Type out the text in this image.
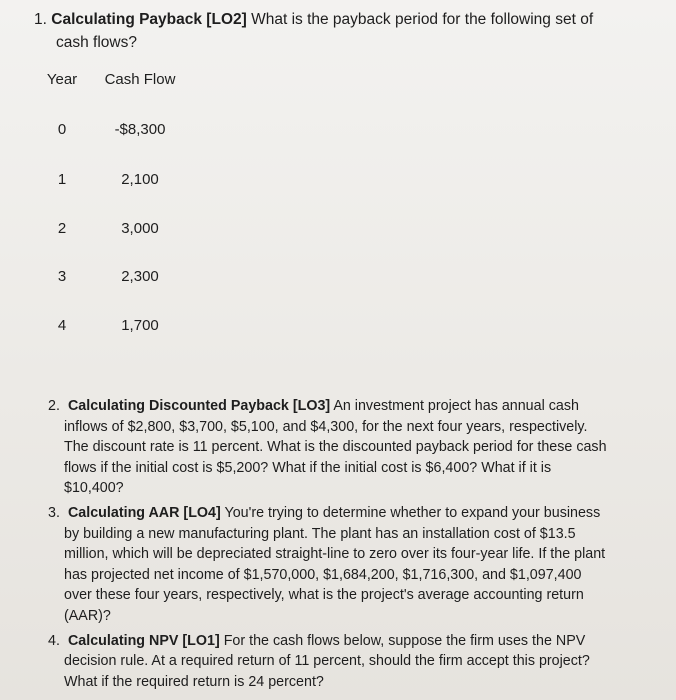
1. Calculating Payback [LO2] What is the payback period for the following set of
cash flows?
Year	Cash Flow
0	-$8,300
1	2,100
2	3,000
3	2,300
4	1,700
2. Calculating Discounted Payback [LO3] An investment project has annual cash inflows of $2,800, $3,700, $5,100, and $4,300, for the next four years, respectively. The discount rate is 11 percent. What is the discounted payback period for these cash flows if the initial cost is $5,200? What if the initial cost is $6,400? What if it is $10,400?
3. Calculating AAR [LO4] You're trying to determine whether to expand your business by building a new manufacturing plant. The plant has an installation cost of $13.5 million, which will be depreciated straight-line to zero over its four-year life. If the plant has projected net income of $1,570,000, $1,684,200, $1,716,300, and $1,097,400 over these four years, respectively, what is the project's average accounting return (AAR)?
4. Calculating NPV [LO1] For the cash flows below, suppose the firm uses the NPV decision rule. At a required return of 11 percent, should the firm accept this project? What if the required return is 24 percent?
